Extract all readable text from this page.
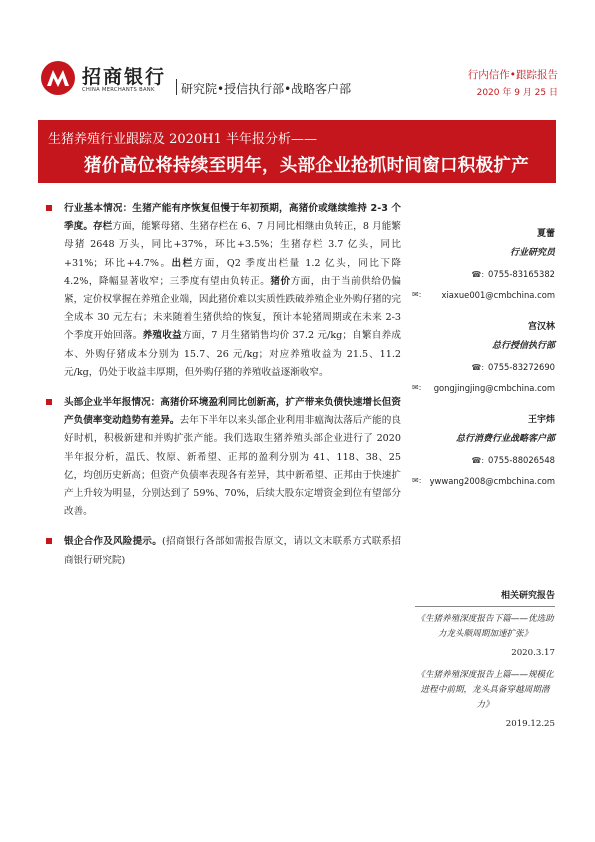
招商银行
CHINA MERCHANTS BANK 研究院•授信执行部•战略客户部
行内信作•跟踪报告
2020 年 9 月 25 日
生猪养殖行业跟踪及 2020H1 半年报分析——
猪价高位将持续至明年，头部企业抢抓时间窗口积极扩产
行业基本情况：生猪产能有序恢复但慢于年初预期，高猪价或继续维持 2-3 个季度。存栏方面，能繁母猪、生猪存栏在 6、7 月同比相继由负转正，8 月能繁母猪 2648 万头，同比+37%，环比+3.5%；生猪存栏 3.7 亿头，同比+31%；环比+4.7%。出栏方面，Q2 季度出栏量 1.2 亿头，同比下降 4.2%，降幅显著收窄；三季度有望由负转正。猪价方面，由于当前供给仍偏紧，定价权掌握在养殖企业端，因此猪价难以实质性跌破养殖企业外购仔猪的完全成本 30 元左右；未来随着生猪供给的恢复，预计本轮猪周期或在未来 2-3 个季度开始回落。养殖收益方面，7 月生猪销售均价 37.2 元/kg；自繁自养成本、外购仔猪成本分别为 15.7、26 元/kg；对应养殖收益为 21.5、11.2 元/kg，仍处于收益丰厚期，但外购仔猪的养殖收益逐渐收窄。
头部企业半年报情况：高猪价环境盈利同比创新高，扩产带来负债快速增长但资产负债率变动趋势有差异。去年下半年以来头部企业利用非瘟淘汰落后产能的良好时机，积极新建和并购扩张产能。我们选取生猪养殖头部企业进行了 2020 半年报分析，温氏、牧原、新希望、正邦的盈利分别为 41、118、38、25 亿，均创历史新高；但资产负债率表现各有差异，其中新希望、正邦由于快速扩产上升较为明显，分别达到了 59%、70%，后续大股东定增资金到位有望部分改善。
银企合作及风险提示。(招商银行各部如需报告原文，请以文末联系方式联系招商银行研究院)
夏蕾
行业研究员
☎: 0755-83165382
✉: xiaxue001@cmbchina.com
宫汉林
总行授信执行部
☎: 0755-83272690
✉: gongjingjing@cmbchina.com
王宇炜
总行消费行业战略客户部
☎: 0755-88026548
✉: ywwang2008@cmbchina.com
相关研究报告
《生猪养殖深度报告下篇——优选助力龙头顺周期加速扩张》
2020.3.17
《生猪养殖深度报告上篇——规模化进程中前期，龙头具备穿越周期潜力》
2019.12.25
